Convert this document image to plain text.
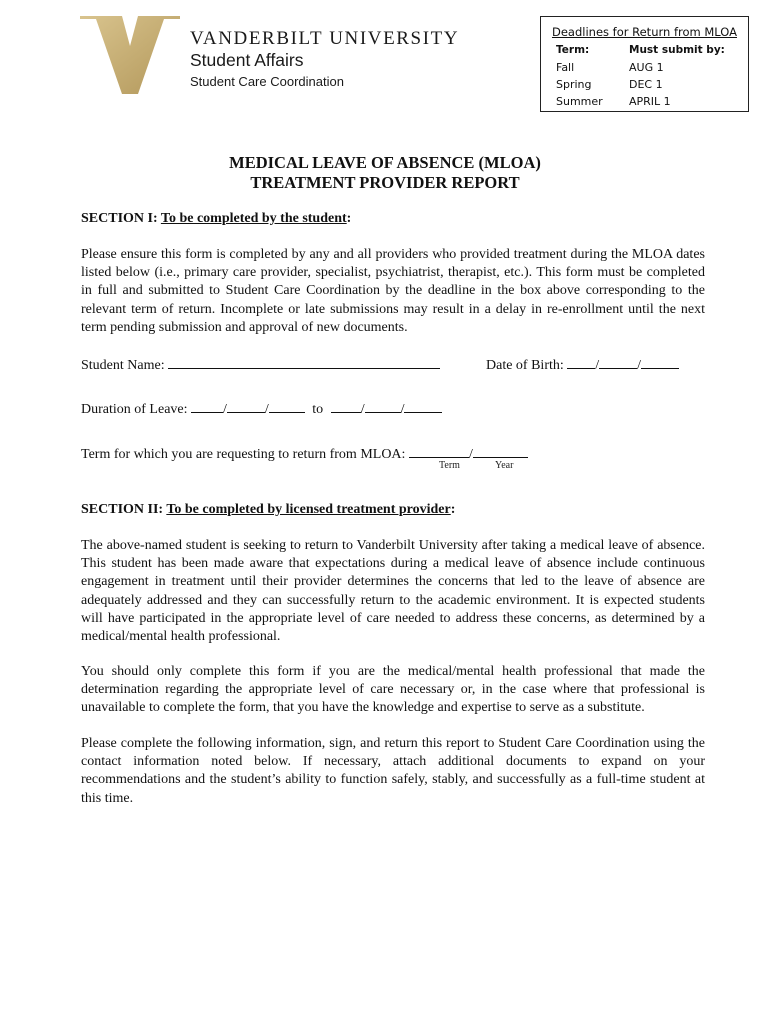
VANDERBILT UNIVERSITY
Student Affairs
Student Care Coordination
Deadlines for Return from MLOA
Term:	Must submit by:
Fall	AUG 1
Spring	DEC 1
Summer APRIL 1
MEDICAL LEAVE OF ABSENCE (MLOA)
TREATMENT PROVIDER REPORT
SECTION I: To be completed by the student:
Please ensure this form is completed by any and all providers who provided treatment during the MLOA dates listed below (i.e., primary care provider, specialist, psychiatrist, therapist, etc.). This form must be completed in full and submitted to Student Care Coordination by the deadline in the box above corresponding to the relevant term of return. Incomplete or late submissions may result in a delay in re-enrollment until the next term pending submission and approval of new documents.
Student Name:	Date of Birth: /	/
Duration of Leave:	/	/	to	/	/
Term for which you are requesting to return from MLOA:	/
Term	Year
SECTION II: To be completed by licensed treatment provider:
The above-named student is seeking to return to Vanderbilt University after taking a medical leave of absence. This student has been made aware that expectations during a medical leave of absence include continuous engagement in treatment until their provider determines the concerns that led to the leave of absence are adequately addressed and they can successfully return to the academic environment. It is expected students will have participated in the appropriate level of care needed to address these concerns, as determined by a medical/mental health professional.
You should only complete this form if you are the medical/mental health professional that made the determination regarding the appropriate level of care necessary or, in the case where that professional is unavailable to complete the form, that you have the knowledge and expertise to serve as a substitute.
Please complete the following information, sign, and return this report to Student Care Coordination using the contact information noted below. If necessary, attach additional documents to expand on your recommendations and the student’s ability to function safely, stably, and successfully as a full-time student at this time.
